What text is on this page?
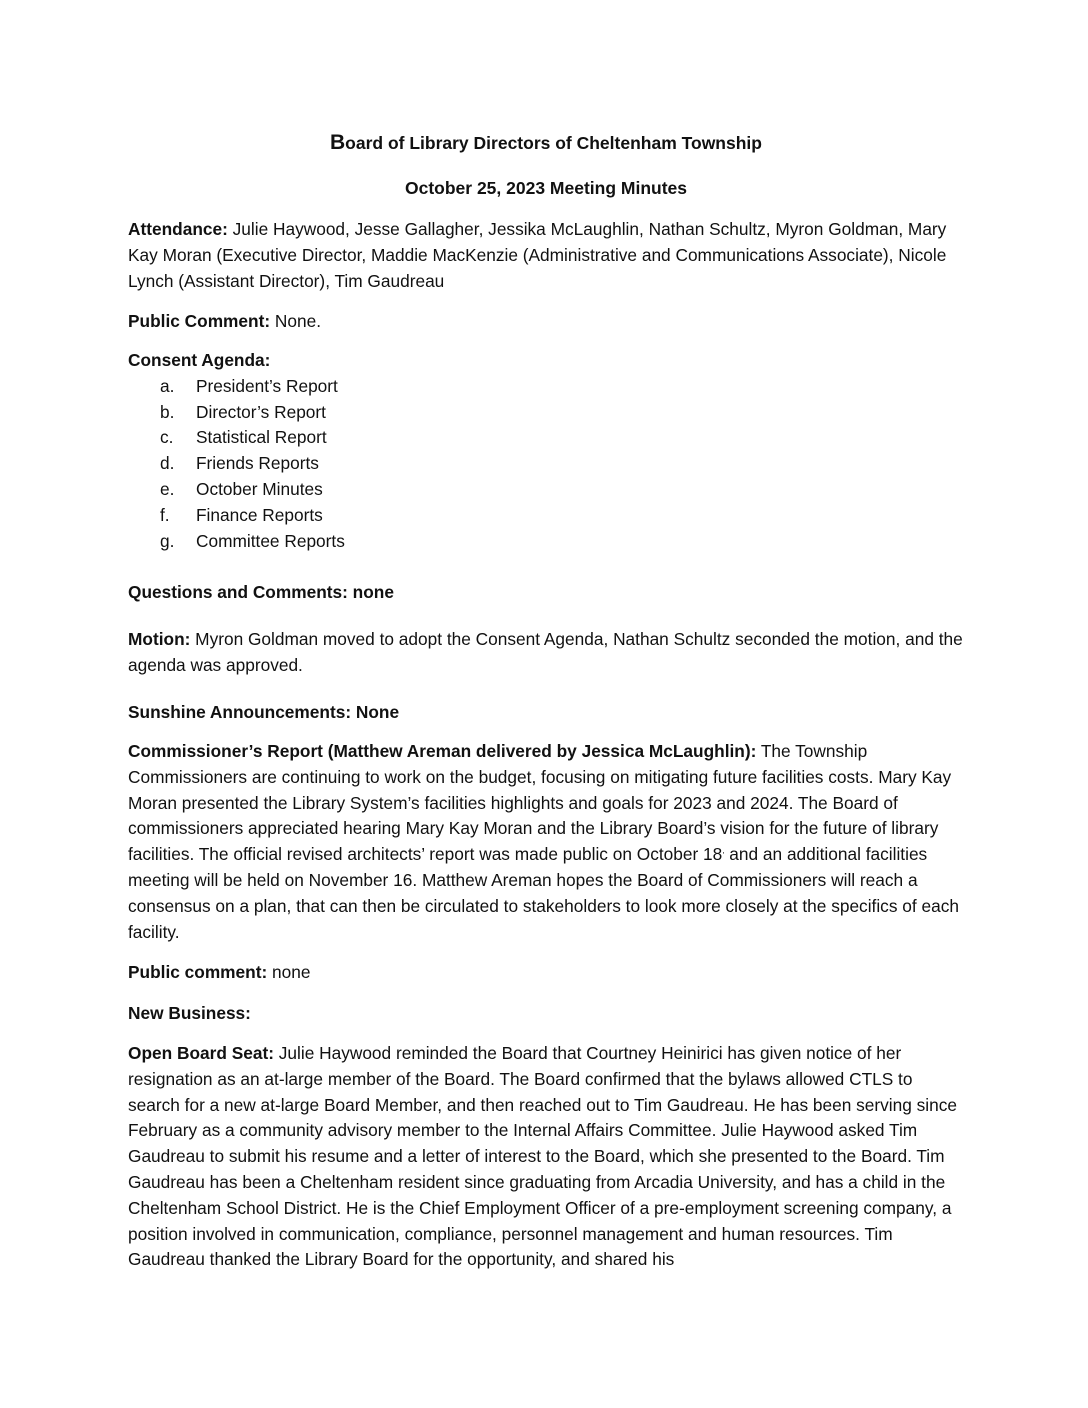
Board of Library Directors of Cheltenham Township

October 25, 2023 Meeting Minutes

Attendance: Julie Haywood, Jesse Gallagher, Jessika McLaughlin, Nathan Schultz, Myron Goldman, Mary Kay Moran (Executive Director, Maddie MacKenzie (Administrative and Communications Associate), Nicole Lynch (Assistant Director), Tim Gaudreau

Public Comment: None.

Consent Agenda:
a.	President’s Report
b.	Director’s Report
c.	Statistical Report
d.	Friends Reports
e.	October Minutes
f.	Finance Reports
g.	Committee Reports

Questions and Comments: none

Motion: Myron Goldman moved to adopt the Consent Agenda, Nathan Schultz seconded the motion, and the agenda was approved.

Sunshine Announcements: None

Commissioner’s Report (Matthew Areman delivered by Jessica McLaughlin): The Township Commissioners are continuing to work on the budget, focusing on mitigating future facilities costs. Mary Kay Moran presented the Library System’s facilities highlights and goals for 2023 and 2024. The Board of commissioners appreciated hearing Mary Kay Moran and the Library Board’s vision for the future of library facilities. The official revised architects’ report was made public on October 18, and an additional facilities meeting will be held on November 16. Matthew Areman hopes the Board of Commissioners will reach a consensus on a plan, that can then be circulated to stakeholders to look more closely at the specifics of each facility.

Public comment: none

New Business:

Open Board Seat: Julie Haywood reminded the Board that Courtney Heinirici has given notice of her resignation as an at-large member of the Board. The Board confirmed that the bylaws allowed CTLS to search for a new at-large Board Member, and then reached out to Tim Gaudreau. He has been serving since February as a community advisory member to the Internal Affairs Committee. Julie Haywood asked Tim Gaudreau to submit his resume and a letter of interest to the Board, which she presented to the Board. Tim Gaudreau has been a Cheltenham resident since graduating from Arcadia University, and has a child in the Cheltenham School District. He is the Chief Employment Officer of a pre-employment screening company, a position involved in communication, compliance, personnel management and human resources. Tim Gaudreau thanked the Library Board for the opportunity, and shared his
